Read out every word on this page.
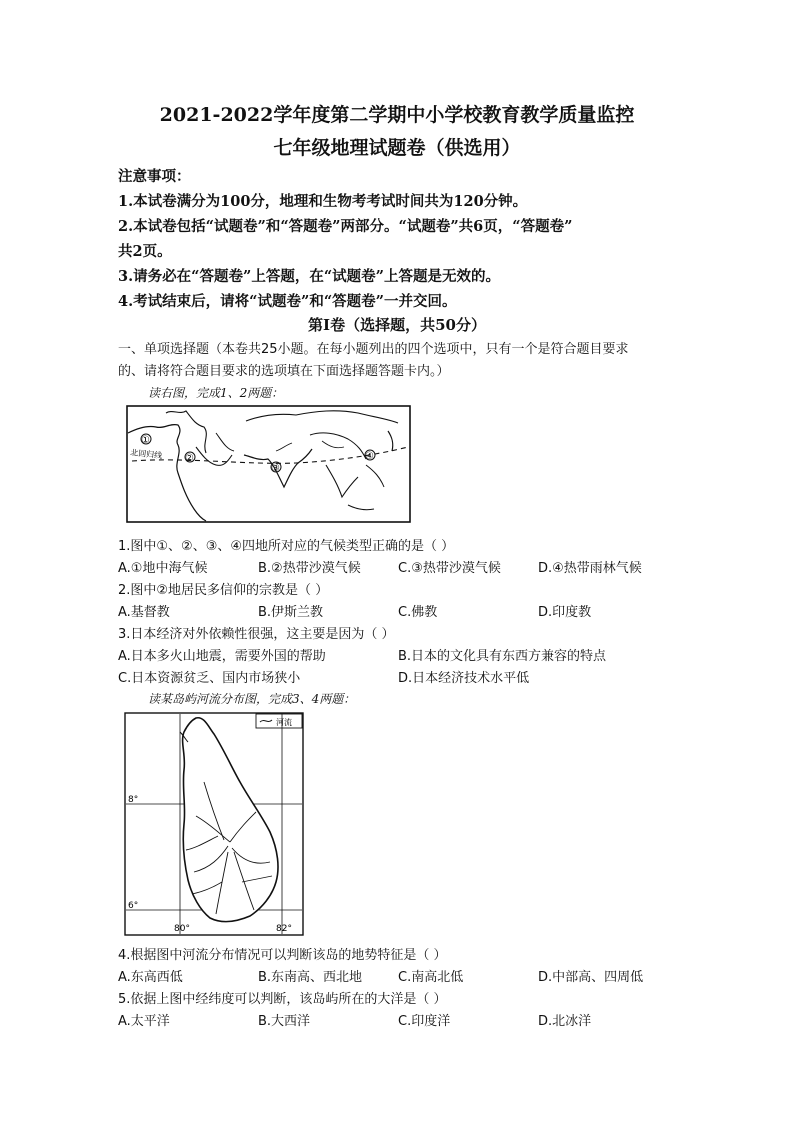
2021-2022学年度第二学期中小学校教育教学质量监控
七年级地理试题卷（供选用）
注意事项：
1.本试卷满分为100分，地理和生物考考试时间共为120分钟。
2.本试卷包括“试题卷”和“答题卷”两部分。“试题卷”共6页，“答题卷”
共2页。
3.请务必在“答题卷”上答题，在“试题卷”上答题是无效的。
4.考试结束后，请将“试题卷”和“答题卷”一并交回。
第Ⅰ卷（选择题，共50分）
一、单项选择题（本卷共25小题。在每小题列出的四个选项中，只有一个是符合题目要求
的、请将符合题目要求的选项填在下面选择题答题卡内。）
读右图，完成1、2两题：
①
②
③
④
北回归线
1.图中①、②、③、④四地所对应的气候类型正确的是（ ）
A.①地中海气候	B.②热带沙漠气候	C.③热带沙漠气候	D.④热带雨林气候
2.图中②地居民多信仰的宗教是（ ）
A.基督教	B.伊斯兰教	C.佛教	D.印度教
3.日本经济对外依赖性很强，这主要是因为（ ）
A.日本多火山地震，需要外国的帮助	B.日本的文化具有东西方兼容的特点
C.日本资源贫乏、国内市场狭小	D.日本经济技术水平低
读某岛屿河流分布图，完成3、4两题：
河流
8°
6°
80°	82°
4.根据图中河流分布情况可以判断该岛的地势特征是（ ）
A.东高西低	B.东南高、西北地	C.南高北低	D.中部高、四周低
5.依据上图中经纬度可以判断，该岛屿所在的大洋是（ ）
A.太平洋	B.大西洋	C.印度洋	D.北冰洋
